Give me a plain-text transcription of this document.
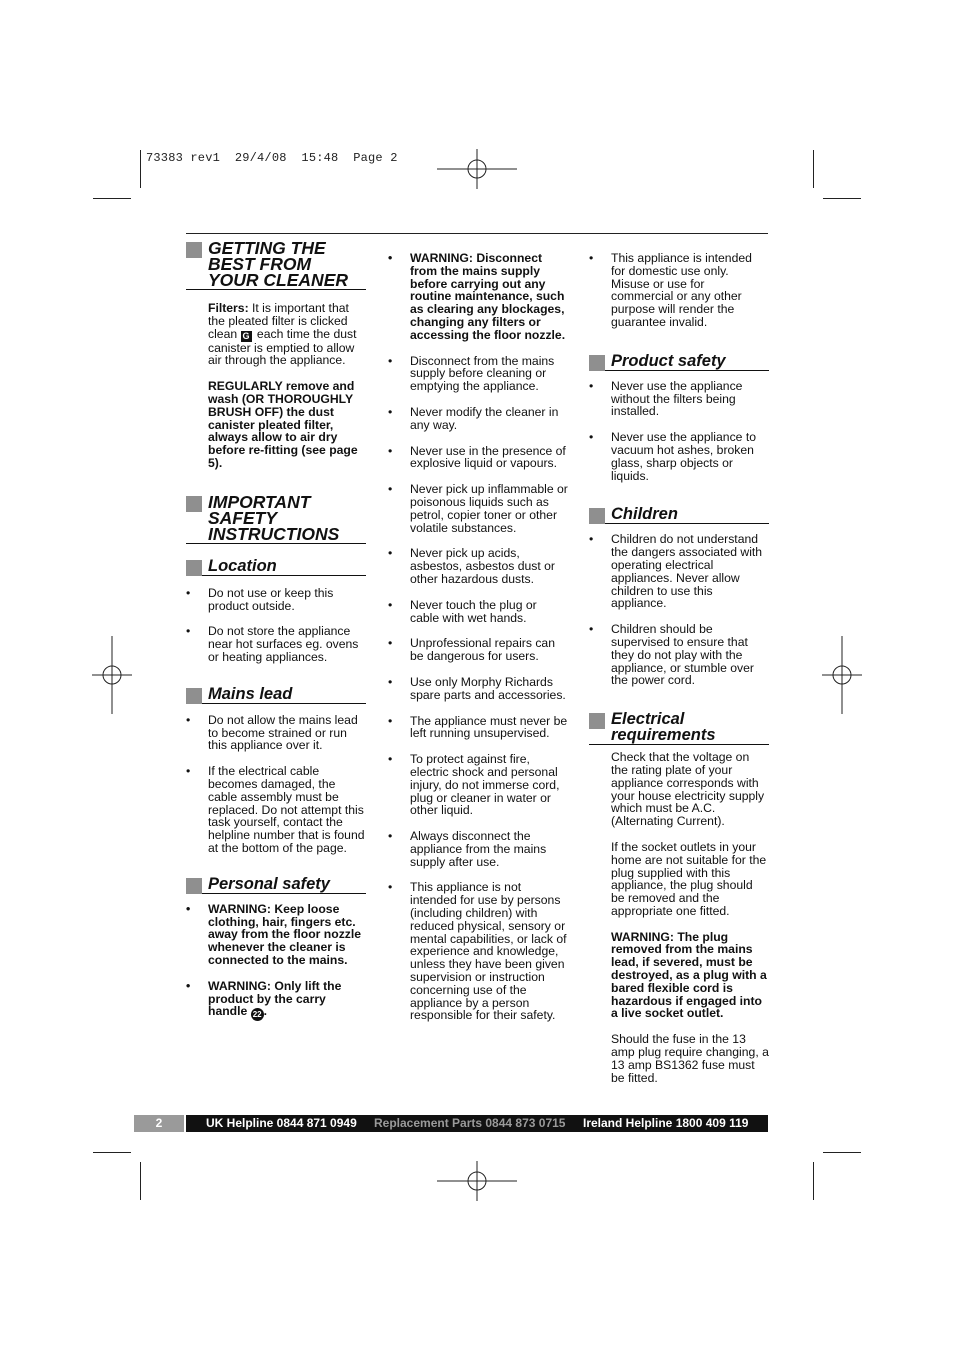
73383 rev1  29/4/08  15:48  Page 2
GETTING THE BEST FROM YOUR CLEANER

Filters: It is important that the pleated filter is clicked clean G each time the dust canister is emptied to allow air through the appliance.

REGULARLY remove and wash (OR THOROUGHLY BRUSH OFF) the dust canister pleated filter, always allow to air dry before re-fitting (see page 5).

IMPORTANT SAFETY INSTRUCTIONS
Location
• Do not use or keep this product outside.
• Do not store the appliance near hot surfaces eg. ovens or heating appliances.
Mains lead
• Do not allow the mains lead to become strained or run this appliance over it.
• If the electrical cable becomes damaged, the cable assembly must be replaced. Do not attempt this task yourself, contact the helpline number that is found at the bottom of the page.
Personal safety
• WARNING: Keep loose clothing, hair, fingers etc. away from the floor nozzle whenever the cleaner is connected to the mains.
• WARNING: Only lift the product by the carry handle 22 .
• WARNING: Disconnect from the mains supply before carrying out any routine maintenance, such as clearing any blockages, changing any filters or accessing the floor nozzle.
• Disconnect from the mains supply before cleaning or emptying the appliance.
• Never modify the cleaner in any way.
• Never use in the presence of explosive liquid or vapours.
• Never pick up inflammable or poisonous liquids such as petrol, copier toner or other volatile substances.
• Never pick up acids, asbestos, asbestos dust or other hazardous dusts.
• Never touch the plug or cable with wet hands.
• Unprofessional repairs can be dangerous for users.
• Use only Morphy Richards spare parts and accessories.
• The appliance must never be left running unsupervised.
• To protect against fire, electric shock and personal injury, do not immerse cord, plug or cleaner in water or other liquid.
• Always disconnect the appliance from the mains supply after use.
• This appliance is not intended for use by persons (including children) with reduced physical, sensory or mental capabilities, or lack of experience and knowledge, unless they have been given supervision or instruction concerning use of the appliance by a person responsible for their safety.
• This appliance is intended for domestic use only. Misuse or use for commercial or any other purpose will render the guarantee invalid.
Product safety
• Never use the appliance without the filters being installed.
• Never use the appliance to vacuum hot ashes, broken glass, sharp objects or liquids.
Children
• Children do not understand the dangers associated with operating electrical appliances. Never allow children to use this appliance.
• Children should be supervised to ensure that they do not play with the appliance, or stumble over the power cord.
Electrical requirements

Check that the voltage on the rating plate of your appliance corresponds with your house electricity supply which must be A.C. (Alternating Current).

If the socket outlets in your home are not suitable for the plug supplied with this appliance, the plug should be removed and the appropriate one fitted.

WARNING: The plug removed from the mains lead, if severed, must be destroyed, as a plug with a bared flexible cord is hazardous if engaged into a live socket outlet.

Should the fuse in the 13 amp plug require changing, a 13 amp BS1362 fuse must be fitted.

2	UK Helpline 0844 871 0949	Replacement Parts 0844 873 0715	Ireland Helpline 1800 409 119
